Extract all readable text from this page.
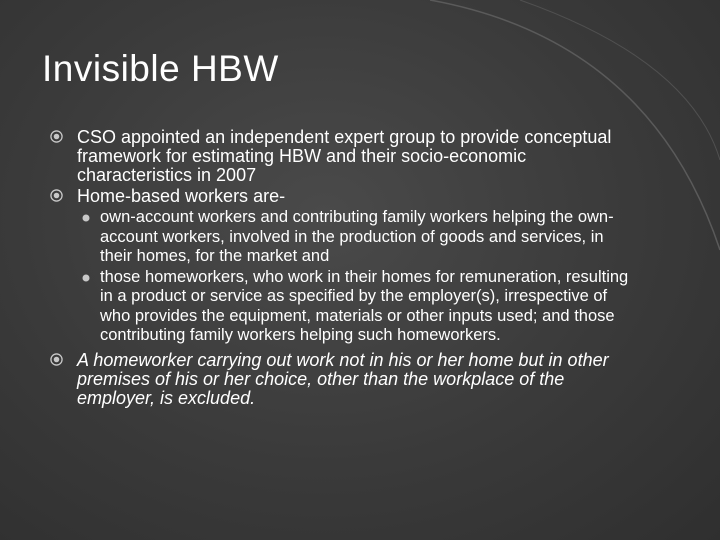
Invisible HBW
CSO appointed an independent expert group to provide conceptual framework for estimating HBW and their socio-economic characteristics in 2007
Home-based workers are-
own-account workers and contributing family workers helping the own-account workers, involved in the production of goods and services, in their homes, for the market and
those homeworkers, who work in their homes for remuneration, resulting in a product or service as specified by the employer(s), irrespective of who provides the equipment, materials or other inputs used; and those contributing family workers helping such homeworkers.
A homeworker carrying out work not in his or her home but in other premises of his or her choice, other than the workplace of the employer, is excluded.
